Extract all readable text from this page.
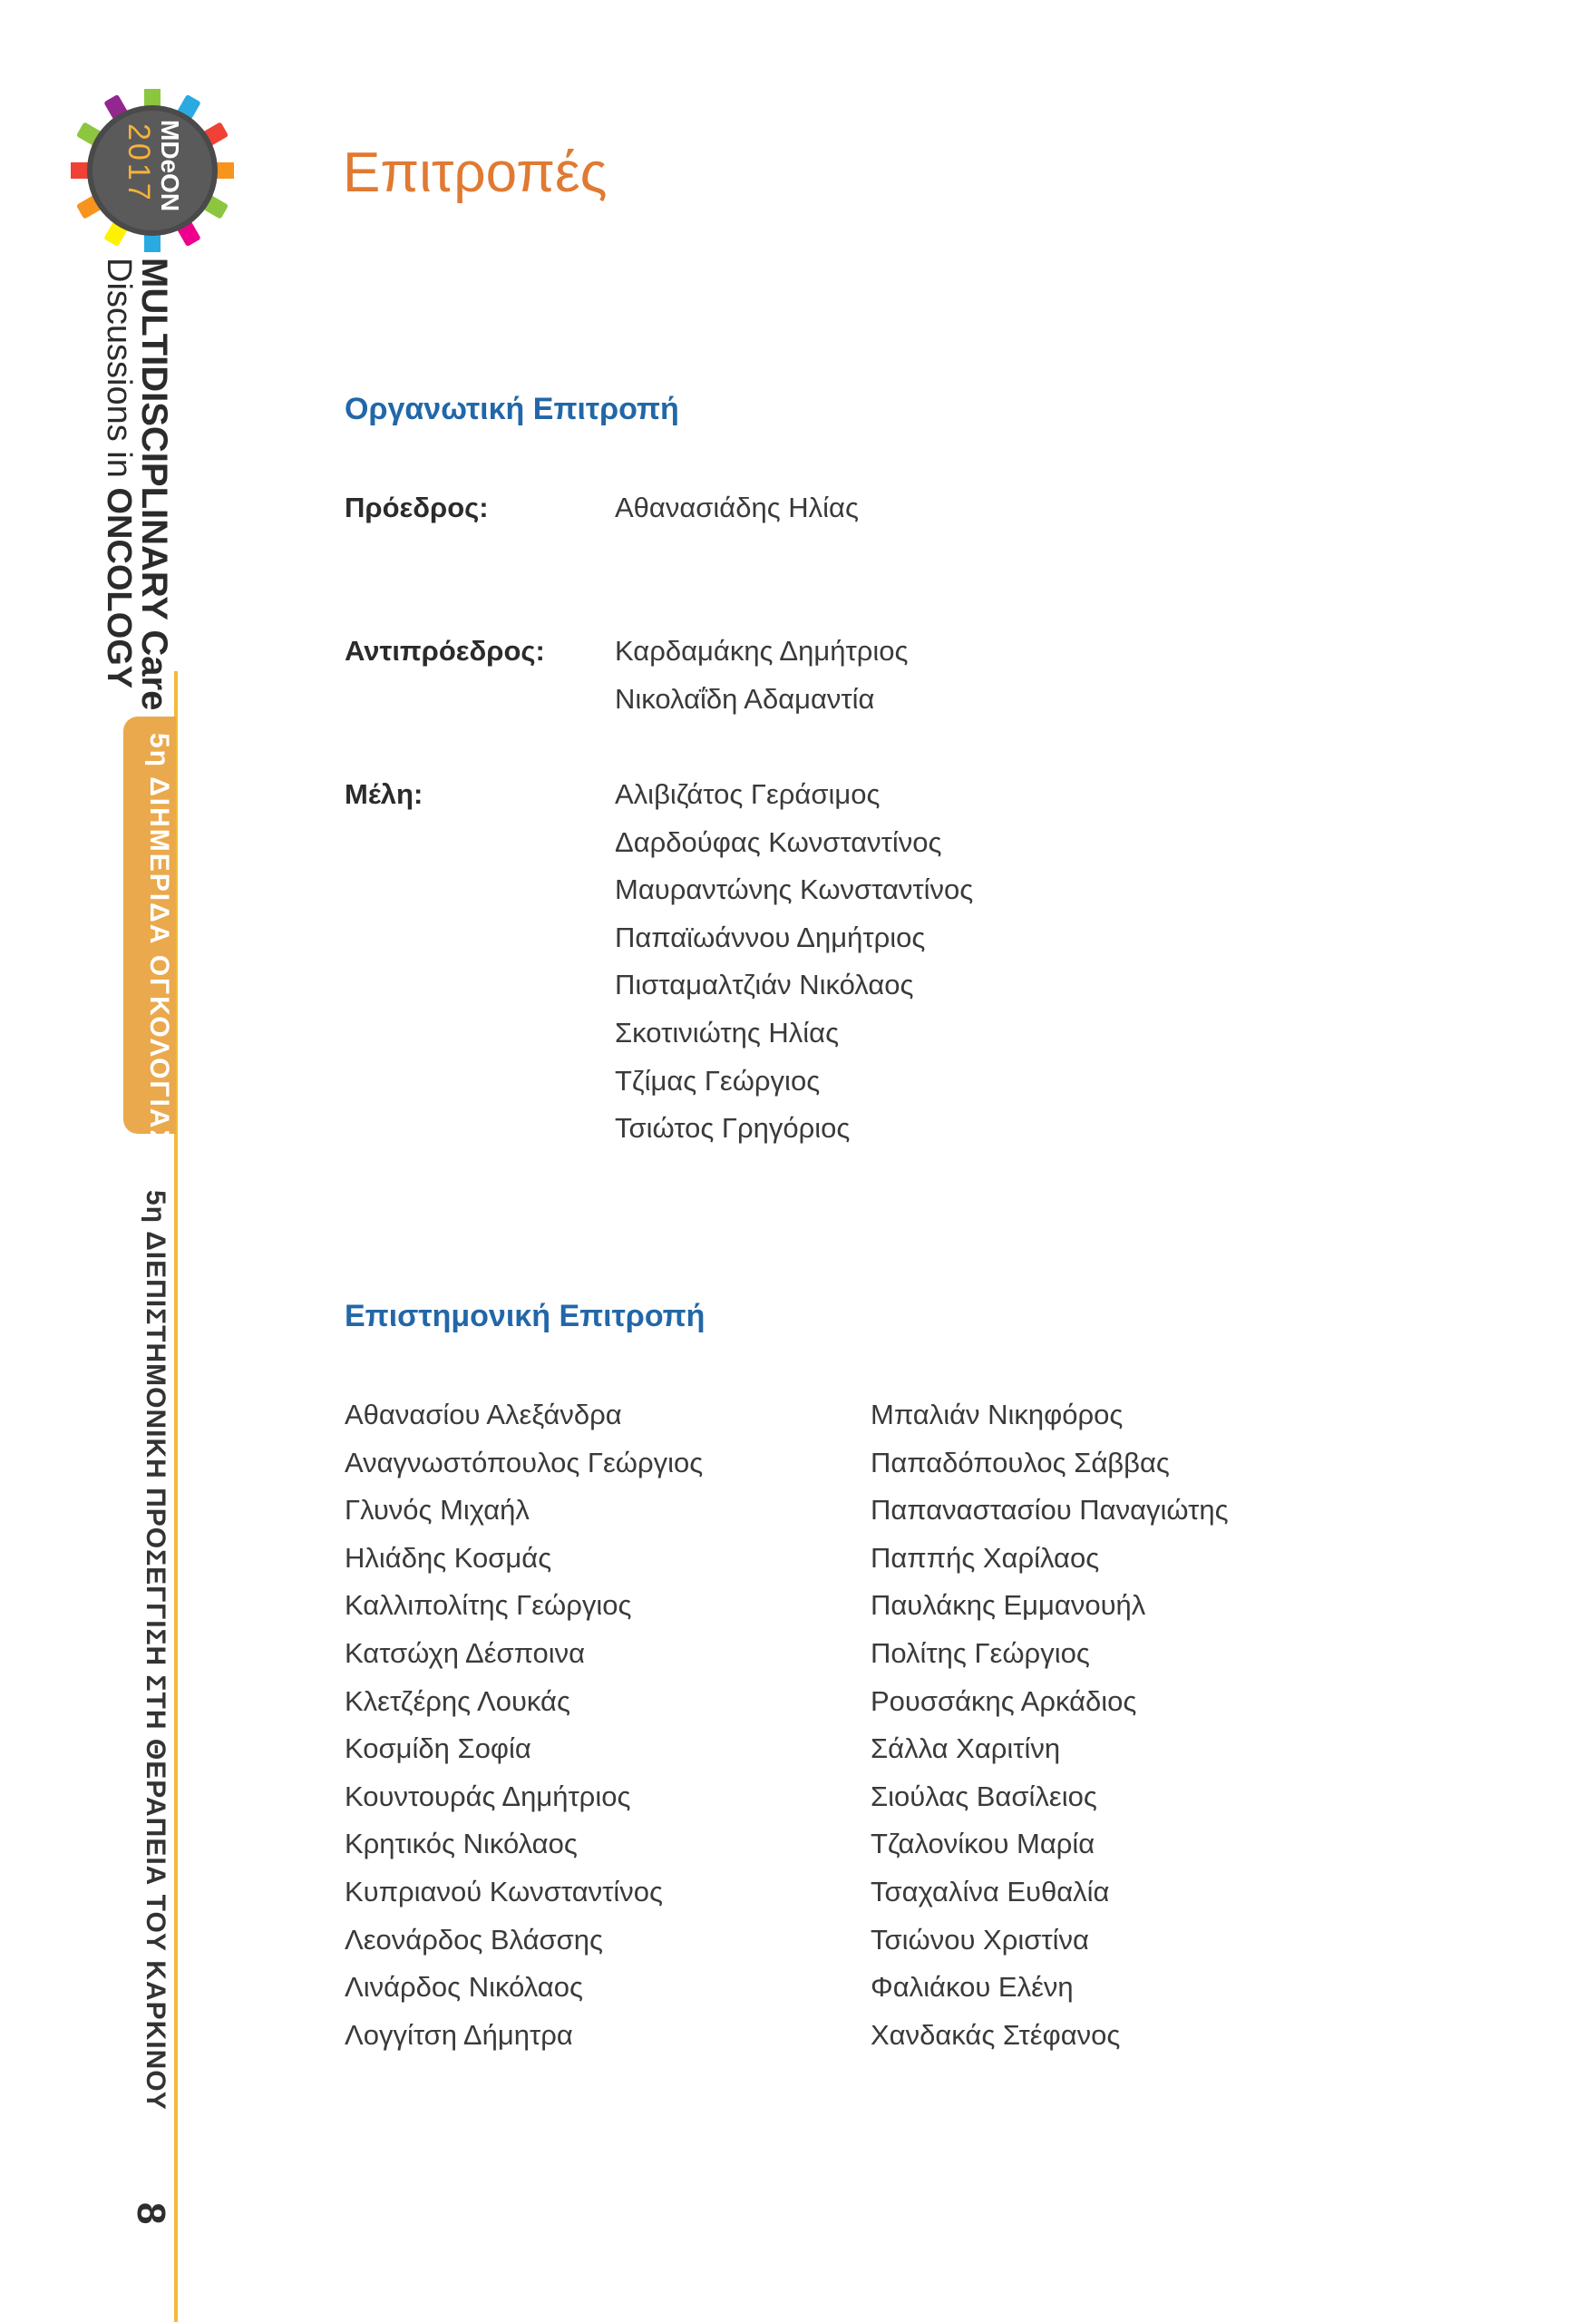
MDeON
2017
MULTIDISCIPLINARY Care
Discussions in ONCOLOGY
5η ΔΙΗΜΕΡΙΔΑ ΟΓΚΟΛΟΓΙΑΣ
5η ΔΙΕΠΙΣΤΗΜΟΝΙΚΗ ΠΡΟΣΕΓΓΙΣΗ ΣΤΗ ΘΕΡΑΠΕΙΑ ΤΟΥ ΚΑΡΚΙΝΟΥ
8
Επιτροπές
Οργανωτική Επιτροπή
Πρόεδρος:	Αθανασιάδης Ηλίας
Αντιπρόεδρος: Καρδαμάκης Δημήτριος
Νικολαΐδη Αδαμαντία
Μέλη:	Αλιβιζάτος Γεράσιμος
Δαρδούφας Κωνσταντίνος
Μαυραντώνης Κωνσταντίνος
Παπαϊωάννου Δημήτριος
Πισταμαλτζιάν Νικόλαος
Σκοτινιώτης Ηλίας
Τζίμας Γεώργιος
Τσιώτος Γρηγόριος
Επιστημονική Επιτροπή
Αθανασίου Αλεξάνδρα
Αναγνωστόπουλος Γεώργιος
Γλυνός Μιχαήλ
Ηλιάδης Κοσμάς
Καλλιπολίτης Γεώργιος
Κατσώχη Δέσποινα
Κλετζέρης Λουκάς
Κοσμίδη Σοφία
Κουντουράς Δημήτριος
Κρητικός Νικόλαος
Κυπριανού Κωνσταντίνος
Λεονάρδος Βλάσσης
Λινάρδος Νικόλαος
Λογγίτση Δήμητρα
Μπαλιάν Νικηφόρος
Παπαδόπουλος Σάββας
Παπαναστασίου Παναγιώτης
Παππής Χαρίλαος
Παυλάκης Εμμανουήλ
Πολίτης Γεώργιος
Ρουσσάκης Αρκάδιος
Σάλλα Χαριτίνη
Σιούλας Βασίλειος
Τζαλονίκου Μαρία
Τσαχαλίνα Ευθαλία
Τσιώνου Χριστίνα
Φαλιάκου Ελένη
Χανδακάς Στέφανος
